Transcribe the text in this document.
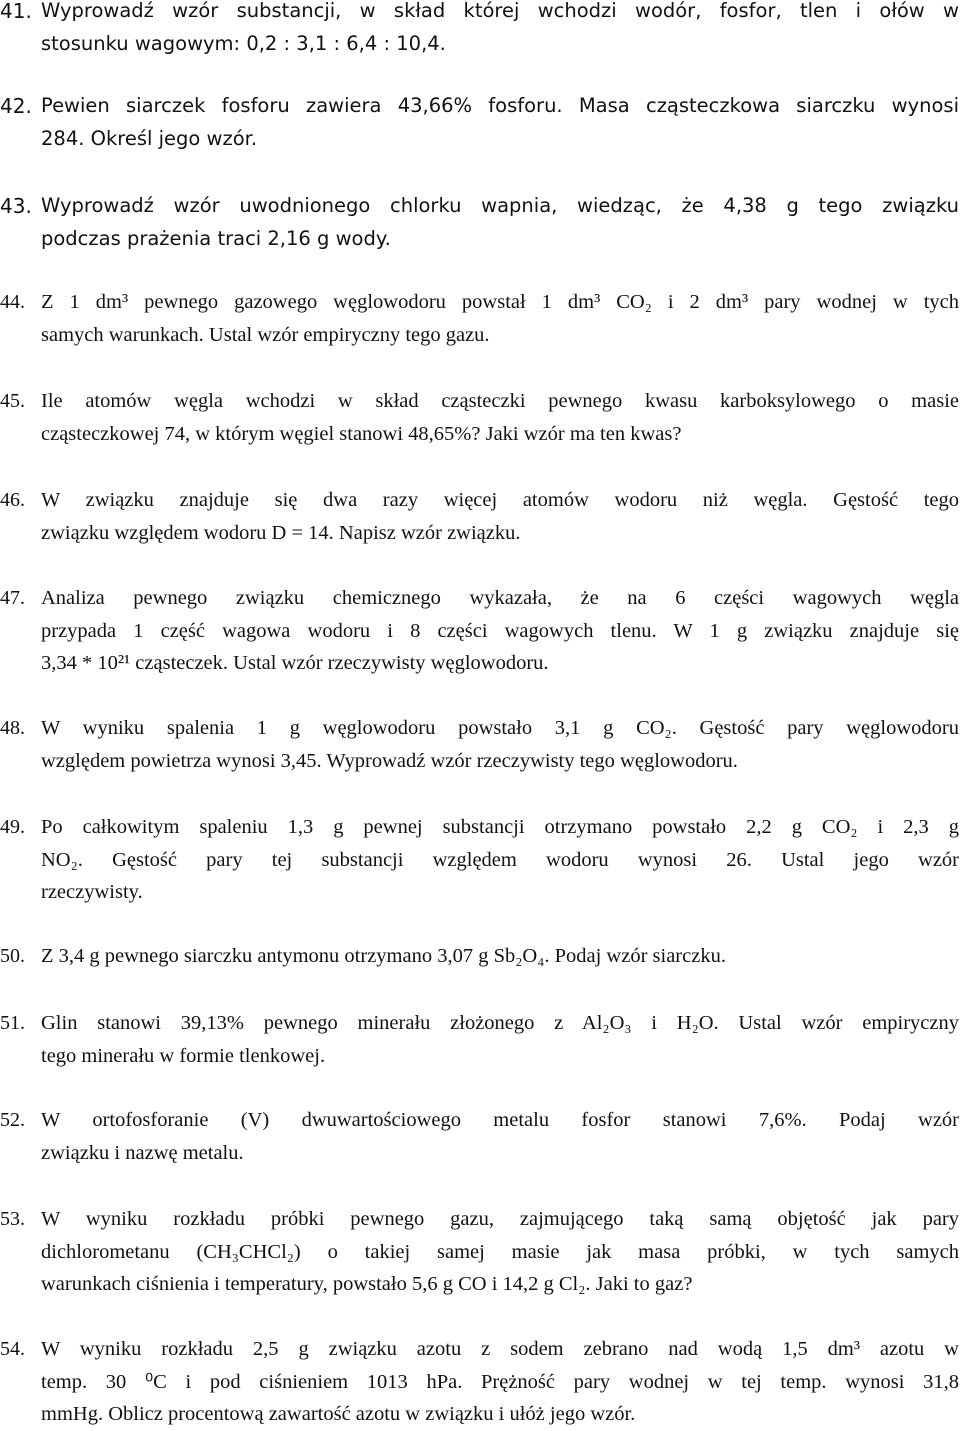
41. Wyprowadź wzór substancji, w skład której wchodzi wodór, fosfor, tlen i ołów w
stosunku wagowym: 0,2 : 3,1 : 6,4 : 10,4.
42. Pewien siarczek fosforu zawiera 43,66% fosforu. Masa cząsteczkowa siarczku wynosi
284. Określ jego wzór.
43. Wyprowadź wzór uwodnionego chlorku wapnia, wiedząc, że 4,38 g tego związku
podczas prażenia traci 2,16 g wody.
44. Z 1 dm³ pewnego gazowego węglowodoru powstał 1 dm³ CO₂ i 2 dm³ pary wodnej w tych
samych warunkach. Ustal wzór empiryczny tego gazu.
45. Ile atomów węgla wchodzi w skład cząsteczki pewnego kwasu karboksylowego o masie
cząsteczkowej 74, w którym węgiel stanowi 48,65%? Jaki wzór ma ten kwas?
46. W związku znajduje się dwa razy więcej atomów wodoru niż węgla. Gęstość tego
związku względem wodoru D = 14. Napisz wzór związku.
47. Analiza pewnego związku chemicznego wykazała, że na 6 części wagowych węgla
przypada 1 część wagowa wodoru i 8 części wagowych tlenu. W 1 g związku znajduje się
3,34 * 10²¹ cząsteczek. Ustal wzór rzeczywisty węglowodoru.
48. W wyniku spalenia 1 g węglowodoru powstało 3,1 g CO₂. Gęstość pary węglowodoru
względem powietrza wynosi 3,45. Wyprowadź wzór rzeczywisty tego węglowodoru.
49. Po całkowitym spaleniu 1,3 g pewnej substancji otrzymano powstało 2,2 g CO₂ i 2,3 g
NO₂. Gęstość pary tej substancji względem wodoru wynosi 26. Ustal jego wzór
rzeczywisty.
50. Z 3,4 g pewnego siarczku antymonu otrzymano 3,07 g Sb₂O₄. Podaj wzór siarczku.
51. Glin stanowi 39,13% pewnego minerału złożonego z Al₂O₃ i H₂O. Ustal wzór empiryczny
tego minerału w formie tlenkowej.
52. W ortofosforanie (V) dwuwartościowego metalu fosfor stanowi 7,6%. Podaj wzór
związku i nazwę metalu.
53. W wyniku rozkładu próbki pewnego gazu, zajmującego taką samą objętość jak pary
dichlorometanu (CH₃CHCl₂) o takiej samej masie jak masa próbki, w tych samych
warunkach ciśnienia i temperatury, powstało 5,6 g CO i 14,2 g Cl₂. Jaki to gaz?
54. W wyniku rozkładu 2,5 g związku azotu z sodem zebrano nad wodą 1,5 dm³ azotu w
temp. 30 ⁰C i pod ciśnieniem 1013 hPa. Prężność pary wodnej w tej temp. wynosi 31,8
mmHg. Oblicz procentową zawartość azotu w związku i ułóż jego wzór.
